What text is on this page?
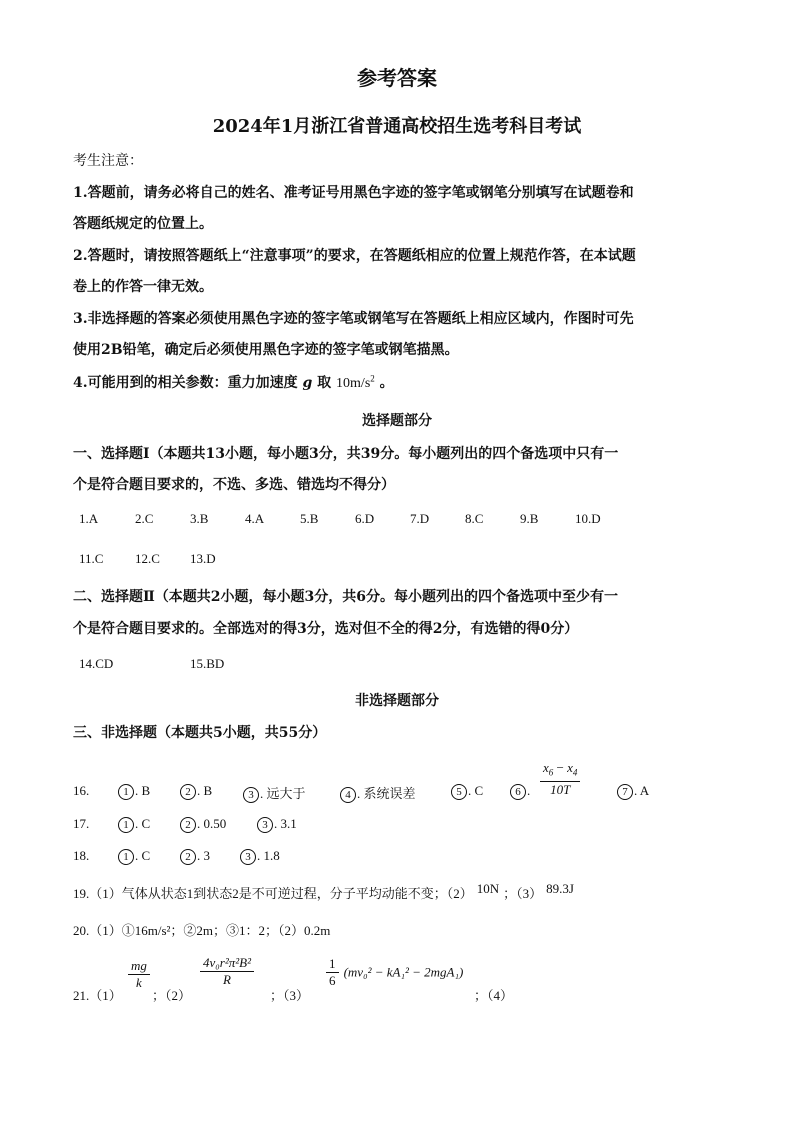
参考答案
2024年1月浙江省普通高校招生选考科目考试
考生注意：
1.答题前，请务必将自己的姓名、准考证号用黑色字迹的签字笔或钢笔分别填写在试题卷和
答题纸规定的位置上。
2.答题时，请按照答题纸上“注意事项”的要求，在答题纸相应的位置上规范作答，在本试题
卷上的作答一律无效。
3.非选择题的答案必须使用黑色字迹的签字笔或钢笔写在答题纸上相应区域内，作图时可先
使用2B铅笔，确定后必须使用黑色字迹的签字笔或钢笔描黑。
4.可能用到的相关参数：重力加速度 g 取 $10m/s^2$ 。
选择题部分
一、选择题Ⅰ（本题共13小题，每小题3分，共39分。每小题列出的四个备选项中只有一
个是符合题目要求的，不选、多选、错选均不得分）
1.A	2.C	3.B	4.A	5.B	6.D	7.D	8.C	9.B	10.D
11.C 12.C 13.D
二、选择题Ⅱ（本题共2小题，每小题3分，共6分。每小题列出的四个备选项中至少有一
个是符合题目要求的。全部选对的得3分，选对但不全的得2分，有选错的得0分）
14.CD	15.BD
非选择题部分
三、非选择题（本题共5小题，共55分）
16.	1 . B	2 . B	3 . 远大于	4 . 系统误差	5 . C	6 . $\frac{x_6 - x_4}{10T}$	7 . A
17.	1 . C	2 . 0.50	3 . 3.1
18.	1 . C	2 . 3	3 . 1.8
19.（1）气体从状态1到状态2是不可逆过程，分子平均动能不变；（2） 10N ；（3） 89.3J
20.（1）①16m/s²；②2m；③1：2；（2）0.2m
21.（1）
$\frac{mg}{k}$
；（2）
$\frac{\text{4v₀r²π²B²}}{R}$
；（3）
$\frac{1}{6} (mv_0^2 - kA_1^2 - 2mgA_1)$
；（4）
